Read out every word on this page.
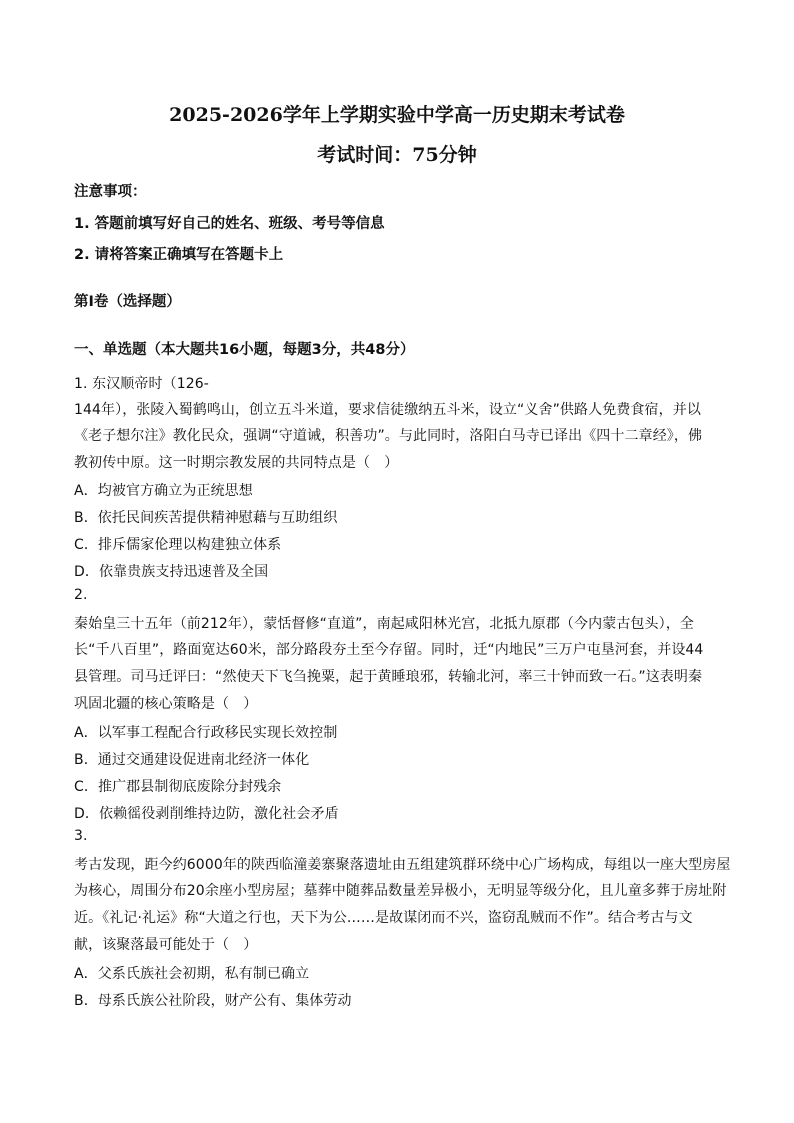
2025-2026学年上学期实验中学高一历史期末考试卷
考试时间：75分钟
注意事项：
1. 答题前填写好自己的姓名、班级、考号等信息
2. 请将答案正确填写在答题卡上
第Ⅰ卷（选择题）
一、单选题（本大题共16小题，每题3分，共48分）
1. 东汉顺帝时（126-
144年），张陵入蜀鹤鸣山，创立五斗米道，要求信徒缴纳五斗米，设立“义舍”供路人免费食宿，并以
《老子想尔注》教化民众，强调“守道诫，积善功”。与此同时，洛阳白马寺已译出《四十二章经》，佛
教初传中原。这一时期宗教发展的共同特点是（　）
A．均被官方确立为正统思想
B．依托民间疾苦提供精神慰藉与互助组织
C．排斥儒家伦理以构建独立体系
D．依靠贵族支持迅速普及全国
2.
秦始皇三十五年（前212年），蒙恬督修“直道”，南起咸阳林光宫，北抵九原郡（今内蒙古包头），全
长“千八百里”，路面宽达60米，部分路段夯土至今存留。同时，迁“内地民”三万户屯垦河套，并设44
县管理。司马迁评曰：“然使天下飞刍挽粟，起于黄睡琅邪，转输北河，率三十钟而致一石。”这表明秦
巩固北疆的核心策略是（　）
A．以军事工程配合行政移民实现长效控制
B．通过交通建设促进南北经济一体化
C．推广郡县制彻底废除分封残余
D．依赖徭役剥削维持边防，激化社会矛盾
3.
考古发现，距今约6000年的陕西临潼姜寨聚落遗址由五组建筑群环绕中心广场构成，每组以一座大型房屋
为核心，周围分布20余座小型房屋；墓葬中随葬品数量差异极小，无明显等级分化，且儿童多葬于房址附
近。《礼记·礼运》称“大道之行也，天下为公……是故谋闭而不兴，盗窃乱贼而不作”。结合考古与文
献，该聚落最可能处于（　）
A．父系氏族社会初期，私有制已确立
B．母系氏族公社阶段，财产公有、集体劳动
